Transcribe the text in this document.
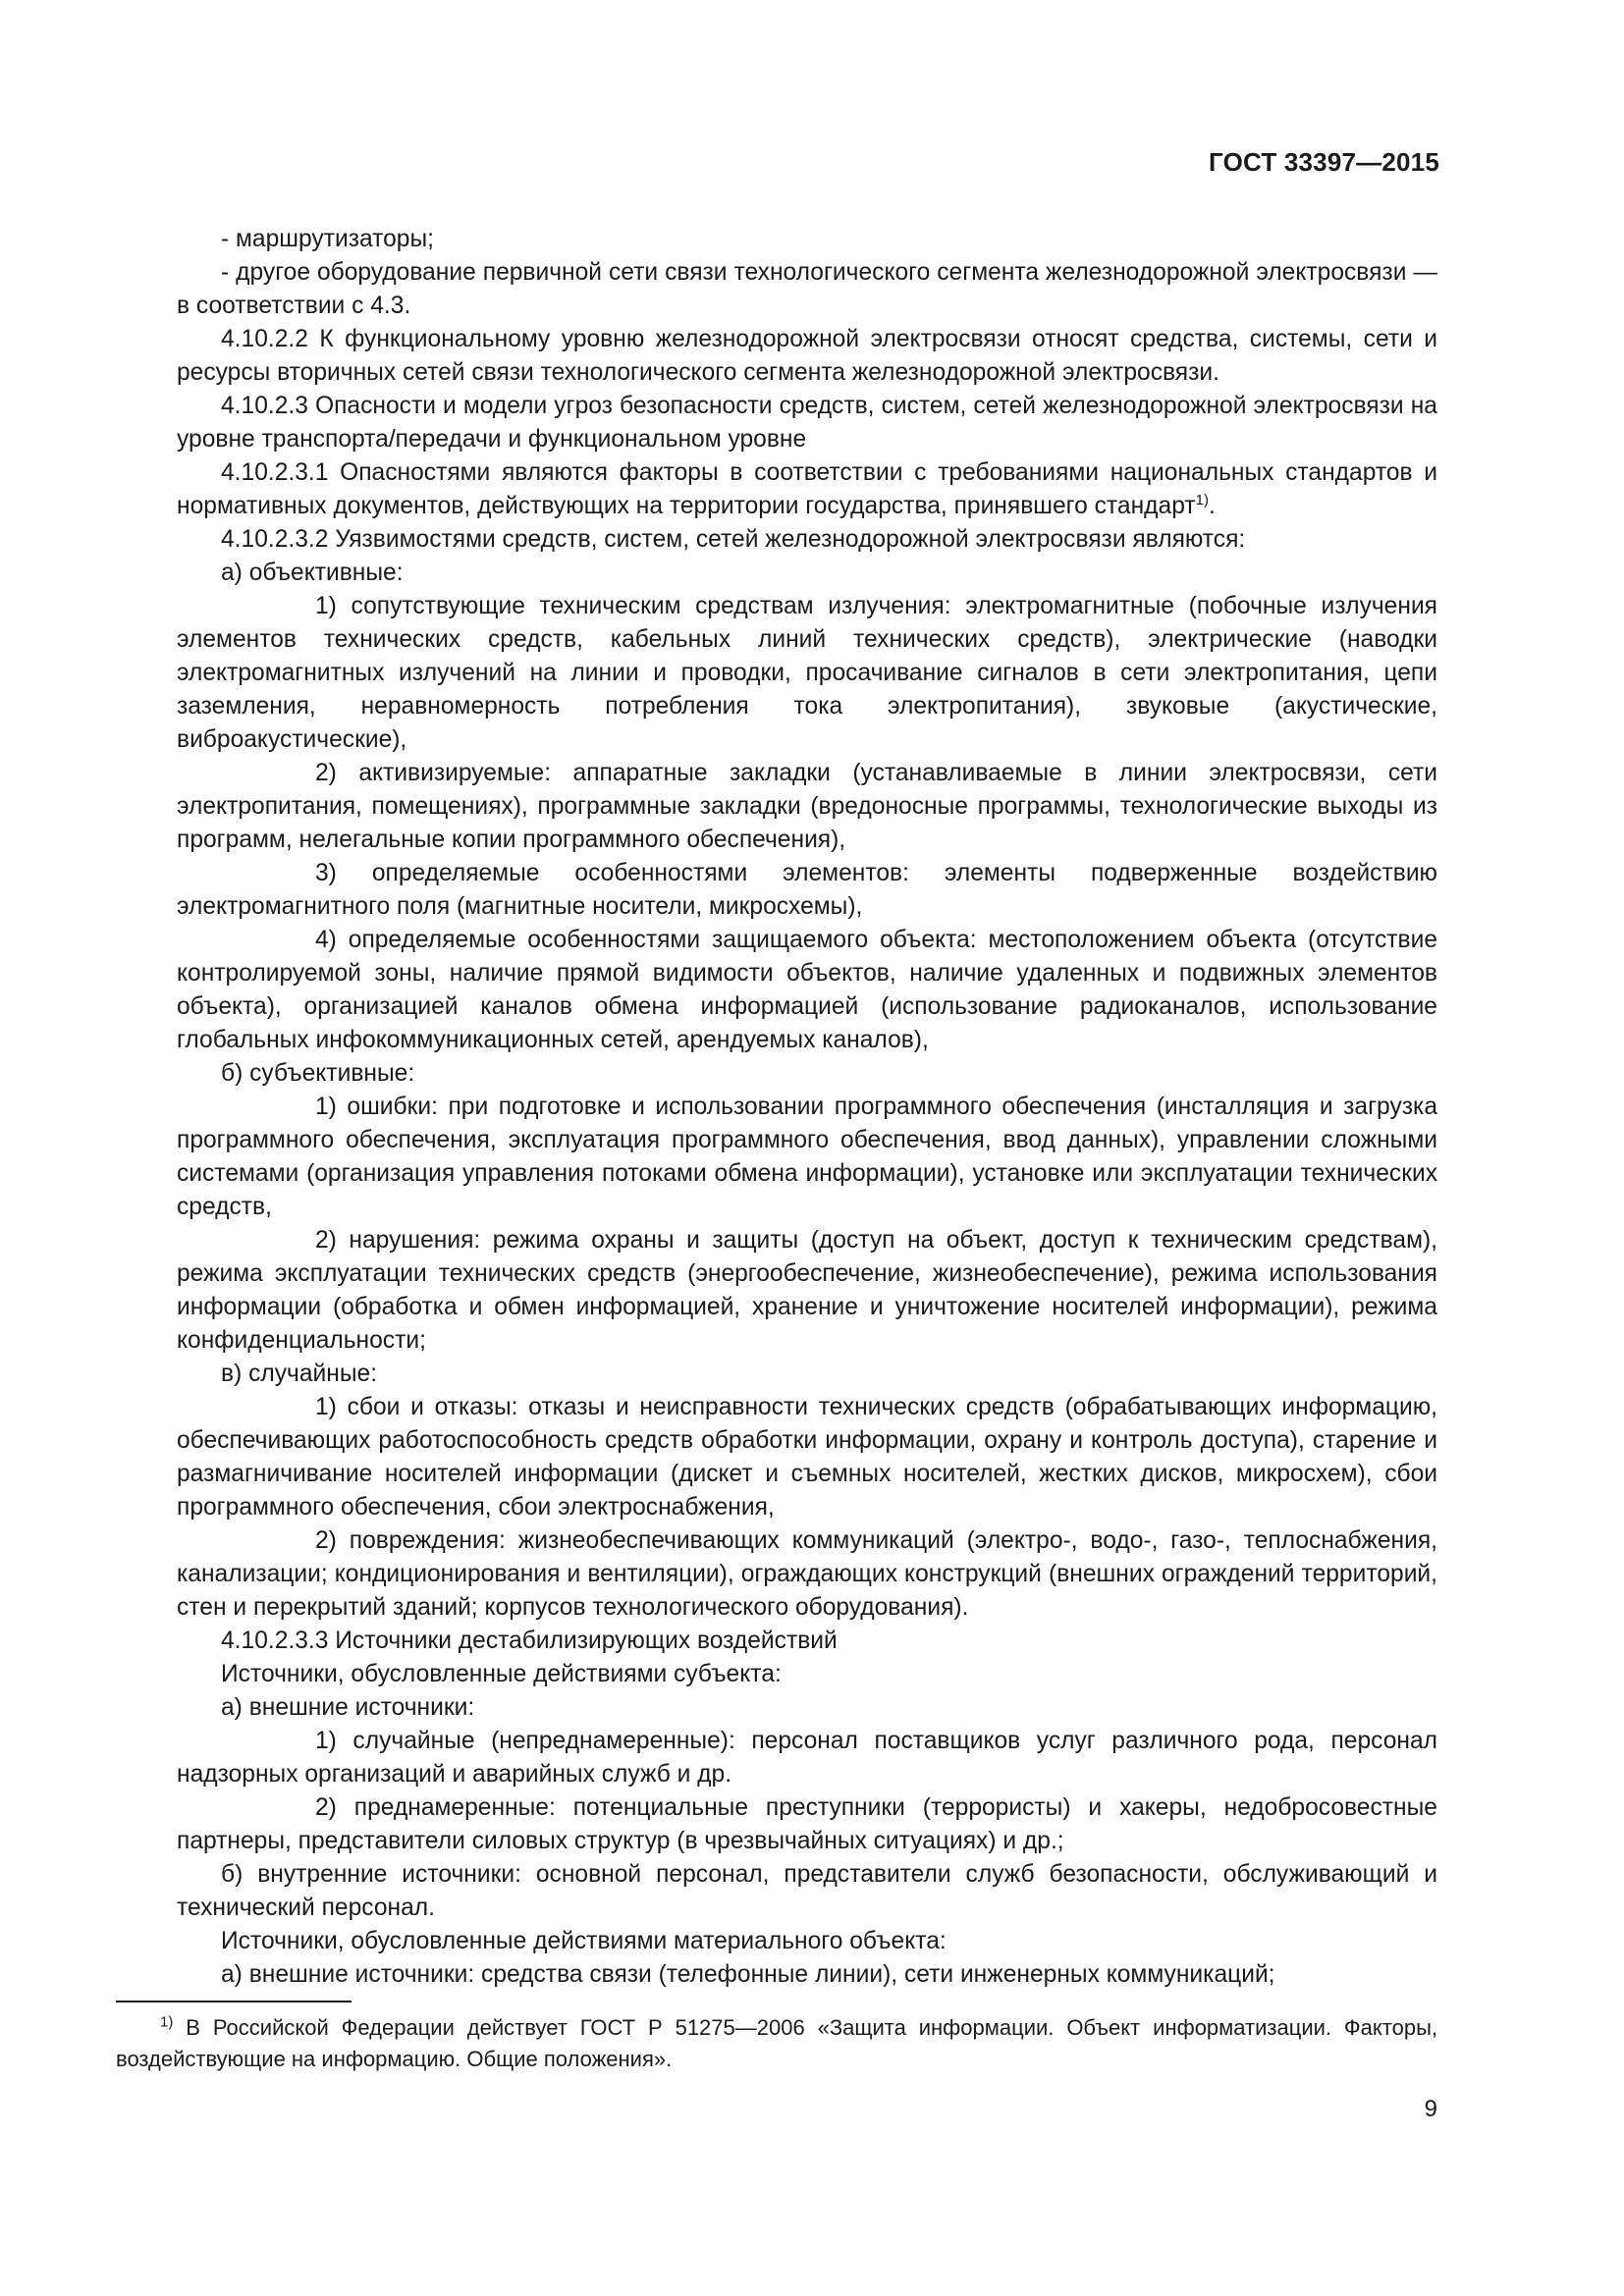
ГОСТ 33397—2015

- маршрутизаторы;

- другое оборудование первичной сети связи технологического сегмента железнодорожной электросвязи — в соответствии с 4.3.

4.10.2.2 К функциональному уровню железнодорожной электросвязи относят средства, системы, сети и ресурсы вторичных сетей связи технологического сегмента железнодорожной электросвязи.

4.10.2.3 Опасности и модели угроз безопасности средств, систем, сетей железнодорожной электросвязи на уровне транспорта/передачи и функциональном уровне

4.10.2.3.1 Опасностями являются факторы в соответствии с требованиями национальных стандартов и нормативных документов, действующих на территории государства, принявшего стандарт$^{1)}$.

4.10.2.3.2 Уязвимостями средств, систем, сетей железнодорожной электросвязи являются:

а) объективные:

1) сопутствующие техническим средствам излучения: электромагнитные (побочные излучения элементов технических средств, кабельных линий технических средств), электрические (наводки электромагнитных излучений на линии и проводки, просачивание сигналов в сети электропитания, цепи заземления, неравномерность потребления тока электропитания), звуковые (акустические, виброакустические),

2) активизируемые: аппаратные закладки (устанавливаемые в линии электросвязи, сети электропитания, помещениях), программные закладки (вредоносные программы, технологические выходы из программ, нелегальные копии программного обеспечения),

3) определяемые особенностями элементов: элементы подверженные воздействию электромагнитного поля (магнитные носители, микросхемы),

4) определяемые особенностями защищаемого объекта: местоположением объекта (отсутствие контролируемой зоны, наличие прямой видимости объектов, наличие удаленных и подвижных элементов объекта), организацией каналов обмена информацией (использование радиоканалов, использование глобальных инфокоммуникационных сетей, арендуемых каналов),

б) субъективные:

1) ошибки: при подготовке и использовании программного обеспечения (инсталляция и загрузка программного обеспечения, эксплуатация программного обеспечения, ввод данных), управлении сложными системами (организация управления потоками обмена информации), установке или эксплуатации технических средств,

2) нарушения: режима охраны и защиты (доступ на объект, доступ к техническим средствам), режима эксплуатации технических средств (энергообеспечение, жизнеобеспечение), режима использования информации (обработка и обмен информацией, хранение и уничтожение носителей информации), режима конфиденциальности;

в) случайные:

1) сбои и отказы: отказы и неисправности технических средств (обрабатывающих информацию, обеспечивающих работоспособность средств обработки информации, охрану и контроль доступа), старение и размагничивание носителей информации (дискет и съемных носителей, жестких дисков, микросхем), сбои программного обеспечения, сбои электроснабжения,

2) повреждения: жизнеобеспечивающих коммуникаций (электро-, водо-, газо-, теплоснабжения, канализации; кондиционирования и вентиляции), ограждающих конструкций (внешних ограждений территорий, стен и перекрытий зданий; корпусов технологического оборудования).

4.10.2.3.3 Источники дестабилизирующих воздействий

Источники, обусловленные действиями субъекта:

а) внешние источники:

1) случайные (непреднамеренные): персонал поставщиков услуг различного рода, персонал надзорных организаций и аварийных служб и др.

2) преднамеренные: потенциальные преступники (террористы) и хакеры, недобросовестные партнеры, представители силовых структур (в чрезвычайных ситуациях) и др.;

б) внутренние источники: основной персонал, представители служб безопасности, обслуживающий и технический персонал.

Источники, обусловленные действиями материального объекта:

а) внешние источники: средства связи (телефонные линии), сети инженерных коммуникаций;

$^{1)}$ В Российской Федерации действует ГОСТ Р 51275—2006 «Защита информации. Объект информатизации. Факторы, воздействующие на информацию. Общие положения».

9
